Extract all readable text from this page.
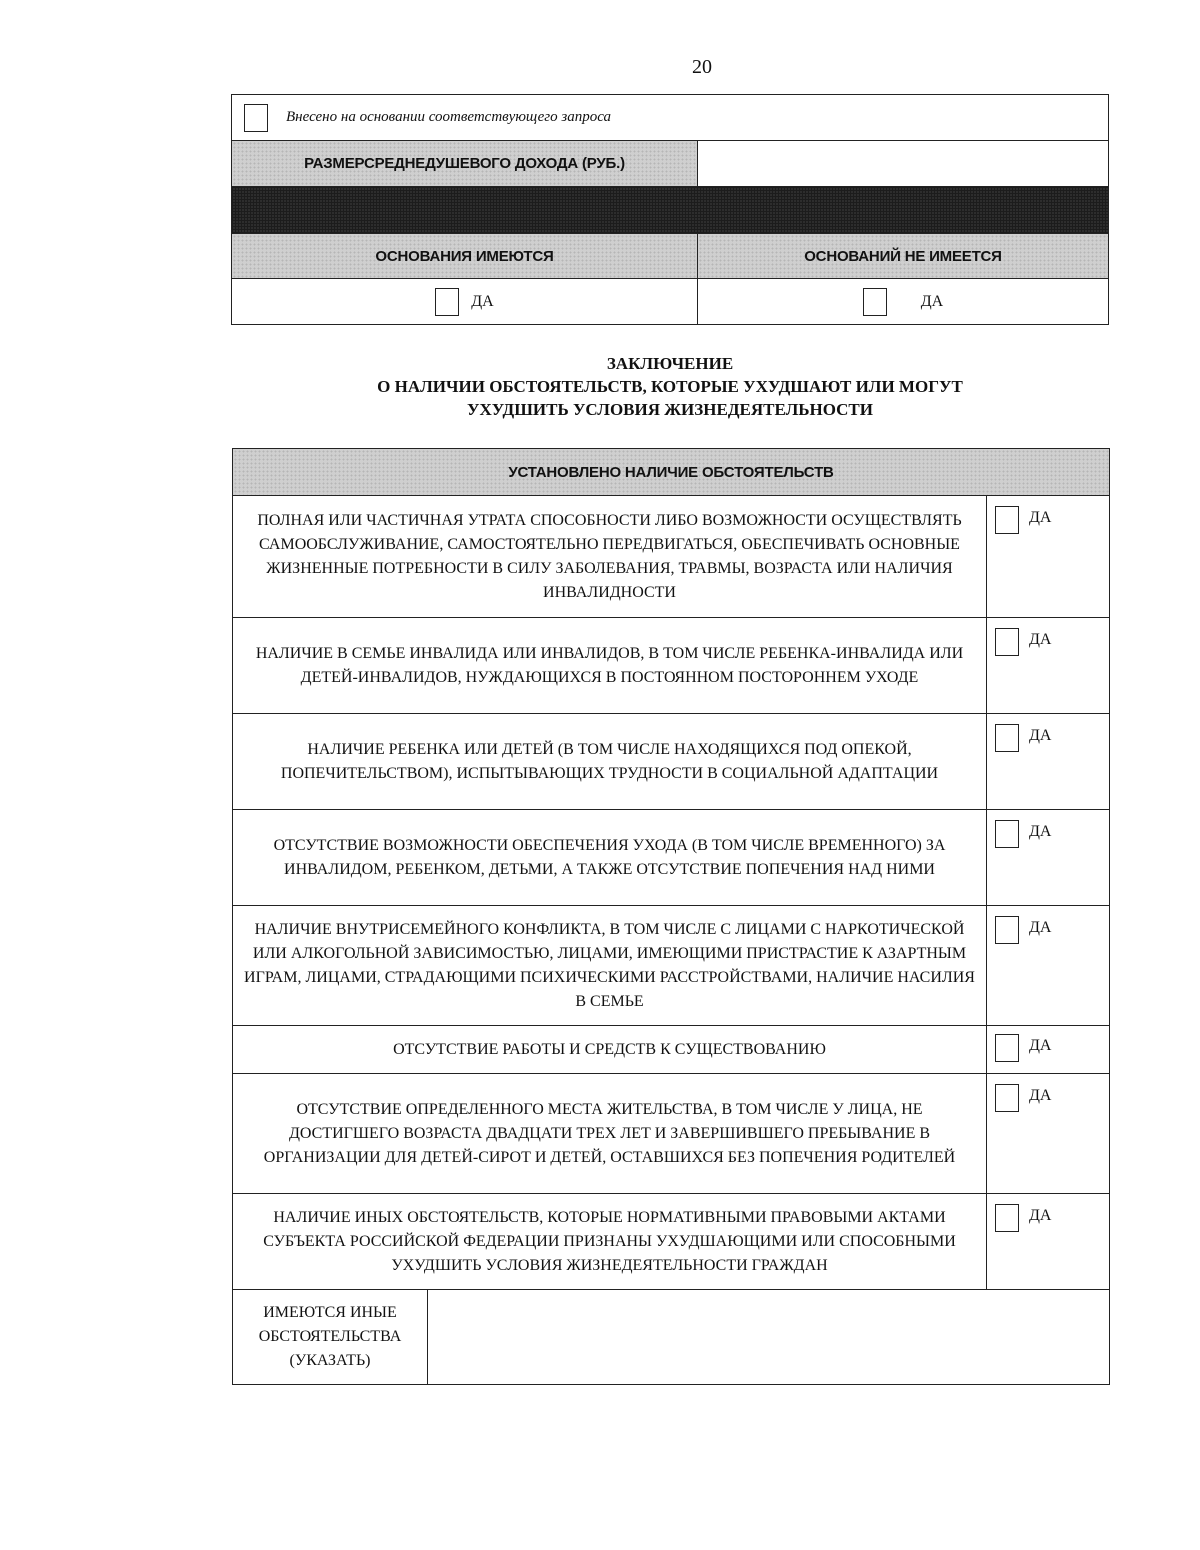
20
Внесено на основании соответствующего запроса	
РАЗМЕРСРЕДНЕДУШЕВОГО ДОХОДА (РУБ.)	

ОСНОВАНИЯ ИМЕЮТСЯ	ОСНОВАНИЙ НЕ ИМЕЕТСЯ
ДА	ДА
ЗАКЛЮЧЕНИЕ
О НАЛИЧИИ ОБСТОЯТЕЛЬСТВ, КОТОРЫЕ УХУДШАЮТ ИЛИ МОГУТ
УХУДШИТЬ УСЛОВИЯ ЖИЗНЕДЕЯТЕЛЬНОСТИ
УСТАНОВЛЕНО НАЛИЧИЕ ОБСТОЯТЕЛЬСТВ		
ПОЛНАЯ ИЛИ ЧАСТИЧНАЯ УТРАТА СПОСОБНОСТИ ЛИБО ВОЗМОЖНОСТИ ОСУЩЕСТВЛЯТЬ САМООБСЛУЖИВАНИЕ, САМОСТОЯТЕЛЬНО ПЕРЕДВИГАТЬСЯ, ОБЕСПЕЧИВАТЬ ОСНОВНЫЕ ЖИЗНЕННЫЕ ПОТРЕБНОСТИ В СИЛУ ЗАБОЛЕВАНИЯ, ТРАВМЫ, ВОЗРАСТА ИЛИ НАЛИЧИЯ ИНВАЛИДНОСТИ		ДА
НАЛИЧИЕ В СЕМЬЕ ИНВАЛИДА ИЛИ ИНВАЛИДОВ, В ТОМ ЧИСЛЕ РЕБЕНКА-ИНВАЛИДА ИЛИ ДЕТЕЙ-ИНВАЛИДОВ, НУЖДАЮЩИХСЯ В ПОСТОЯННОМ ПОСТОРОННЕМ УХОДЕ		ДА
НАЛИЧИЕ РЕБЕНКА ИЛИ ДЕТЕЙ (В ТОМ ЧИСЛЕ НАХОДЯЩИХСЯ ПОД ОПЕКОЙ, ПОПЕЧИТЕЛЬСТВОМ), ИСПЫТЫВАЮЩИХ ТРУДНОСТИ В СОЦИАЛЬНОЙ АДАПТАЦИИ		ДА
ОТСУТСТВИЕ ВОЗМОЖНОСТИ ОБЕСПЕЧЕНИЯ УХОДА (В ТОМ ЧИСЛЕ ВРЕМЕННОГО) ЗА ИНВАЛИДОМ, РЕБЕНКОМ, ДЕТЬМИ, А ТАКЖЕ ОТСУТСТВИЕ ПОПЕЧЕНИЯ НАД НИМИ		ДА
НАЛИЧИЕ ВНУТРИСЕМЕЙНОГО КОНФЛИКТА, В ТОМ ЧИСЛЕ С ЛИЦАМИ С НАРКОТИЧЕСКОЙ ИЛИ АЛКОГОЛЬНОЙ ЗАВИСИМОСТЬЮ, ЛИЦАМИ, ИМЕЮЩИМИ ПРИСТРАСТИЕ К АЗАРТНЫМ ИГРАМ, ЛИЦАМИ, СТРАДАЮЩИМИ ПСИХИЧЕСКИМИ РАССТРОЙСТВАМИ, НАЛИЧИЕ НАСИЛИЯ В СЕМЬЕ		ДА
ОТСУТСТВИЕ РАБОТЫ И СРЕДСТВ К СУЩЕСТВОВАНИЮ		ДА
ОТСУТСТВИЕ ОПРЕДЕЛЕННОГО МЕСТА ЖИТЕЛЬСТВА, В ТОМ ЧИСЛЕ У ЛИЦА, НЕ ДОСТИГШЕГО ВОЗРАСТА ДВАДЦАТИ ТРЕХ ЛЕТ И ЗАВЕРШИВШЕГО ПРЕБЫВАНИЕ В ОРГАНИЗАЦИИ ДЛЯ ДЕТЕЙ-СИРОТ И ДЕТЕЙ, ОСТАВШИХСЯ БЕЗ ПОПЕЧЕНИЯ РОДИТЕЛЕЙ		ДА
НАЛИЧИЕ ИНЫХ ОБСТОЯТЕЛЬСТВ, КОТОРЫЕ НОРМАТИВНЫМИ ПРАВОВЫМИ АКТАМИ СУБЪЕКТА РОССИЙСКОЙ ФЕДЕРАЦИИ ПРИЗНАНЫ УХУДШАЮЩИМИ ИЛИ СПОСОБНЫМИ УХУДШИТЬ УСЛОВИЯ ЖИЗНЕДЕЯТЕЛЬНОСТИ ГРАЖДАН		ДА

ИМЕЮТСЯ ИНЫЕ
ОБСТОЯТЕЛЬСТВА
(УКАЗАТЬ)		
